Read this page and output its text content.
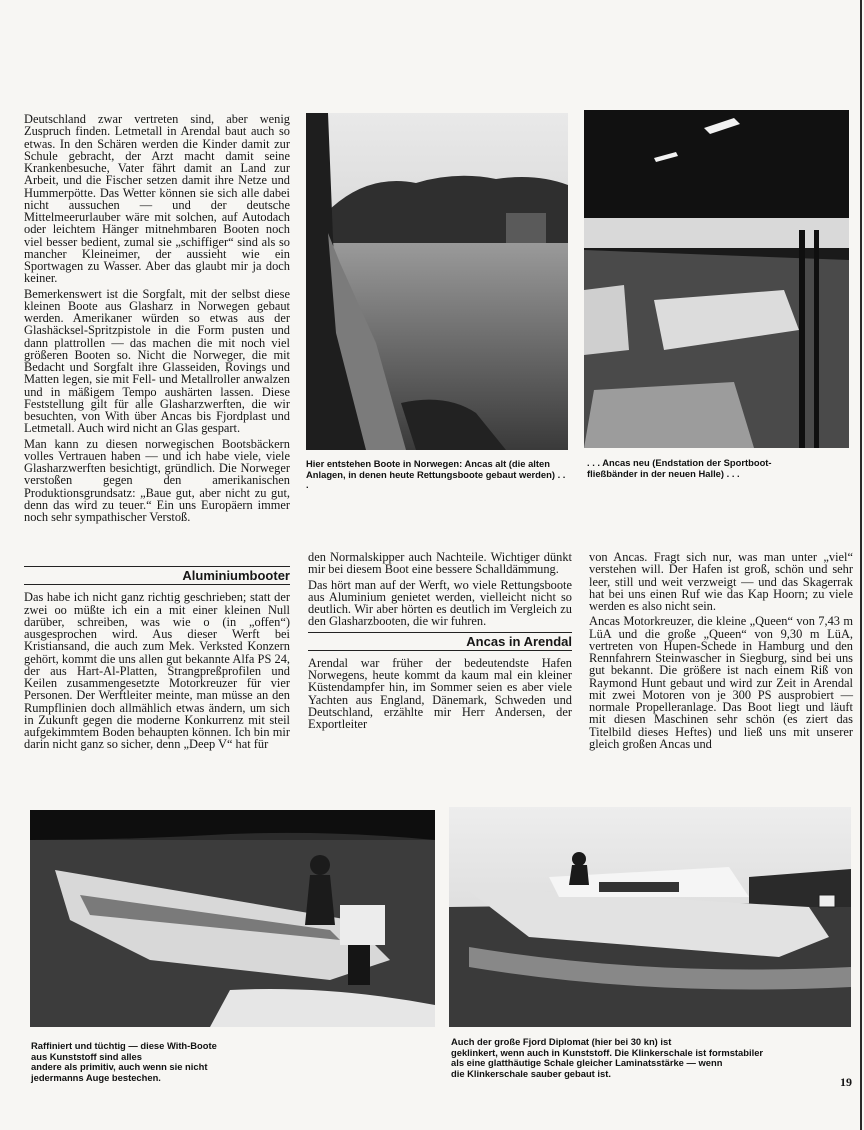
Deutschland zwar vertreten sind, aber wenig Zuspruch finden. Letmetall in Arendal baut auch so etwas. In den Schären werden die Kinder damit zur Schule gebracht, der Arzt macht damit seine Krankenbesuche, Vater fährt damit an Land zur Arbeit, und die Fischer setzen damit ihre Netze und Hummerpötte. Das Wetter können sie sich alle dabei nicht aussuchen — und der deutsche Mittelmeerurlauber wäre mit solchen, auf Autodach oder leichtem Hänger mitnehmbaren Booten noch viel besser bedient, zumal sie „schiffiger“ sind als so mancher Kleineimer, der aussieht wie ein Sportwagen zu Wasser. Aber das glaubt mir ja doch keiner.

Bemerkenswert ist die Sorgfalt, mit der selbst diese kleinen Boote aus Glasharz in Norwegen gebaut werden. Amerikaner würden so etwas aus der Glashäcksel-Spritzpistole in die Form pusten und dann plattrollen — das machen die mit noch viel größeren Booten so. Nicht die Norweger, die mit Bedacht und Sorgfalt ihre Glasseiden, Rovings und Matten legen, sie mit Fell- und Metallroller anwalzen und in mäßigem Tempo aushärten lassen. Diese Feststellung gilt für alle Glasharzwerften, die wir besuchten, von With über Ancas bis Fjordplast und Letmetall. Auch wird nicht an Glas gespart.

Man kann zu diesen norwegischen Bootsbäckern volles Vertrauen haben — und ich habe viele, viele Glasharzwerften besichtigt, gründlich. Die Norweger verstoßen gegen den amerikanischen Produktionsgrundsatz: „Baue gut, aber nicht zu gut, denn das wird zu teuer.“ Ein uns Europäern immer noch sehr sympathischer Verstoß.

Aluminiumbooter

Das habe ich nicht ganz richtig geschrieben; statt der zwei oo müßte ich ein a mit einer kleinen Null darüber, schreiben, was wie o (in „offen“) ausgesprochen wird. Aus dieser Werft bei Kristiansand, die auch zum Mek. Verksted Konzern gehört, kommt die uns allen gut bekannte Alfa PS 24, der aus Hart-Al-Platten, Strangpreßprofilen und Keilen zusammengesetzte Motorkreuzer für vier Personen. Der Werftleiter meinte, man müsse an den Rumpflinien doch allmählich etwas ändern, um sich in Zukunft gegen die moderne Konkurrenz mit steil aufgekimmtem Boden behaupten können. Ich bin mir darin nicht ganz so sicher, denn „Deep V“ hat für

den Normalskipper auch Nachteile. Wichtiger dünkt mir bei diesem Boot eine bessere Schalldämmung.

Das hört man auf der Werft, wo viele Rettungsboote aus Aluminium genietet werden, vielleicht nicht so deutlich. Wir aber hörten es deutlich im Vergleich zu den Glasharzbooten, die wir fuhren.

Ancas in Arendal

Arendal war früher der bedeutendste Hafen Norwegens, heute kommt da kaum mal ein kleiner Küstendampfer hin, im Sommer seien es aber viele Yachten aus England, Dänemark, Schweden und Deutschland, erzählte mir Herr Andersen, der Exportleiter

von Ancas. Fragt sich nur, was man unter „viel“ verstehen will. Der Hafen ist groß, schön und sehr leer, still und weit verzweigt — und das Skagerrak hat bei uns einen Ruf wie das Kap Hoorn; zu viele werden es also nicht sein.

Ancas Motorkreuzer, die kleine „Queen“ von 7,43 m LüA und die große „Queen“ von 9,30 m LüA, vertreten von Hupen-Schede in Hamburg und den Rennfahrern Steinwascher in Siegburg, sind bei uns gut bekannt. Die größere ist nach einem Riß von Raymond Hunt gebaut und wird zur Zeit in Arendal mit zwei Motoren von je 300 PS ausprobiert — normale Propelleranlage. Das Boot liegt und läuft mit diesen Maschinen sehr schön (es ziert das Titelbild dieses Heftes) und ließ uns mit unserer gleich großen Ancas und

Hier entstehen Boote in Norwegen: Ancas alt (die alten Anlagen, in denen heute Rettungsboote gebaut werden) . . .
. . . Ancas neu (Endstation der Sportboot-fließbänder in der neuen Halle) . . .
Raffiniert und tüchtig — diese With-Boote
aus Kunststoff sind alles
andere als primitiv, auch wenn sie nicht
jedermanns Auge bestechen.
Auch der große Fjord Diplomat (hier bei 30 kn) ist
geklinkert, wenn auch in Kunststoff. Die Klinkerschale ist formstabiler
als eine glatthäutige Schale gleicher Laminatsstärke — wenn
die Klinkerschale sauber gebaut ist.
19
